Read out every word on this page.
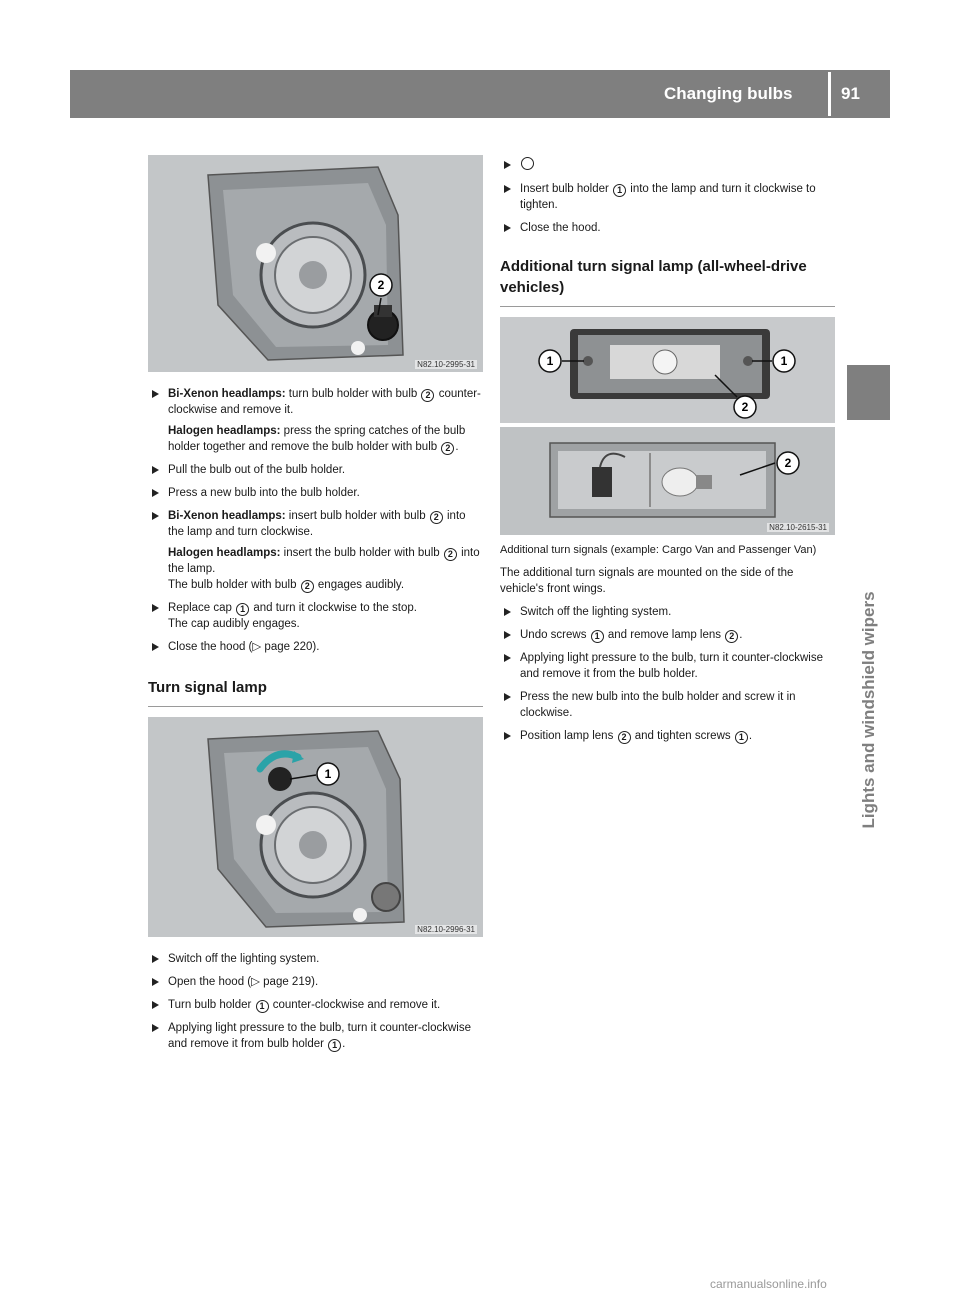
Changing bulbs	91
Lights and windshield wipers
2
N82.10-2995-31
Bi-Xenon headlamps: turn bulb holder with bulb 2 counter-clockwise and remove it.
Halogen headlamps: press the spring catches of the bulb holder together and remove the bulb holder with bulb 2 .
Pull the bulb out of the bulb holder.
Press a new bulb into the bulb holder.
Bi-Xenon headlamps: insert bulb holder with bulb 2 into the lamp and turn clockwise.
Halogen headlamps: insert the bulb holder with bulb 2 into the lamp.
The bulb holder with bulb 2 engages audibly.
Replace cap 1 and turn it clockwise to the stop.
The cap audibly engages.
Close the hood (▷ page 220).
Turn signal lamp
1
N82.10-2996-31
Switch off the lighting system.
Open the hood (▷ page 219).
Turn bulb holder 1 counter-clockwise and remove it.
Applying light pressure to the bulb, turn it counter-clockwise and remove it from bulb holder 1 .
Insert bulb holder 1 into the lamp and turn it clockwise to tighten.
Close the hood.
Additional turn signal lamp (all-wheel-drive vehicles)
1	1
2
2
N82.10-2615-31
Additional turn signals (example: Cargo Van and Passenger Van)
The additional turn signals are mounted on the side of the vehicle's front wings.
Switch off the lighting system.
Undo screws 1 and remove lamp lens 2 .
Applying light pressure to the bulb, turn it counter-clockwise and remove it from the bulb holder.
Press the new bulb into the bulb holder and screw it in clockwise.
Position lamp lens 2 and tighten screws 1 .
carmanualsonline.info
